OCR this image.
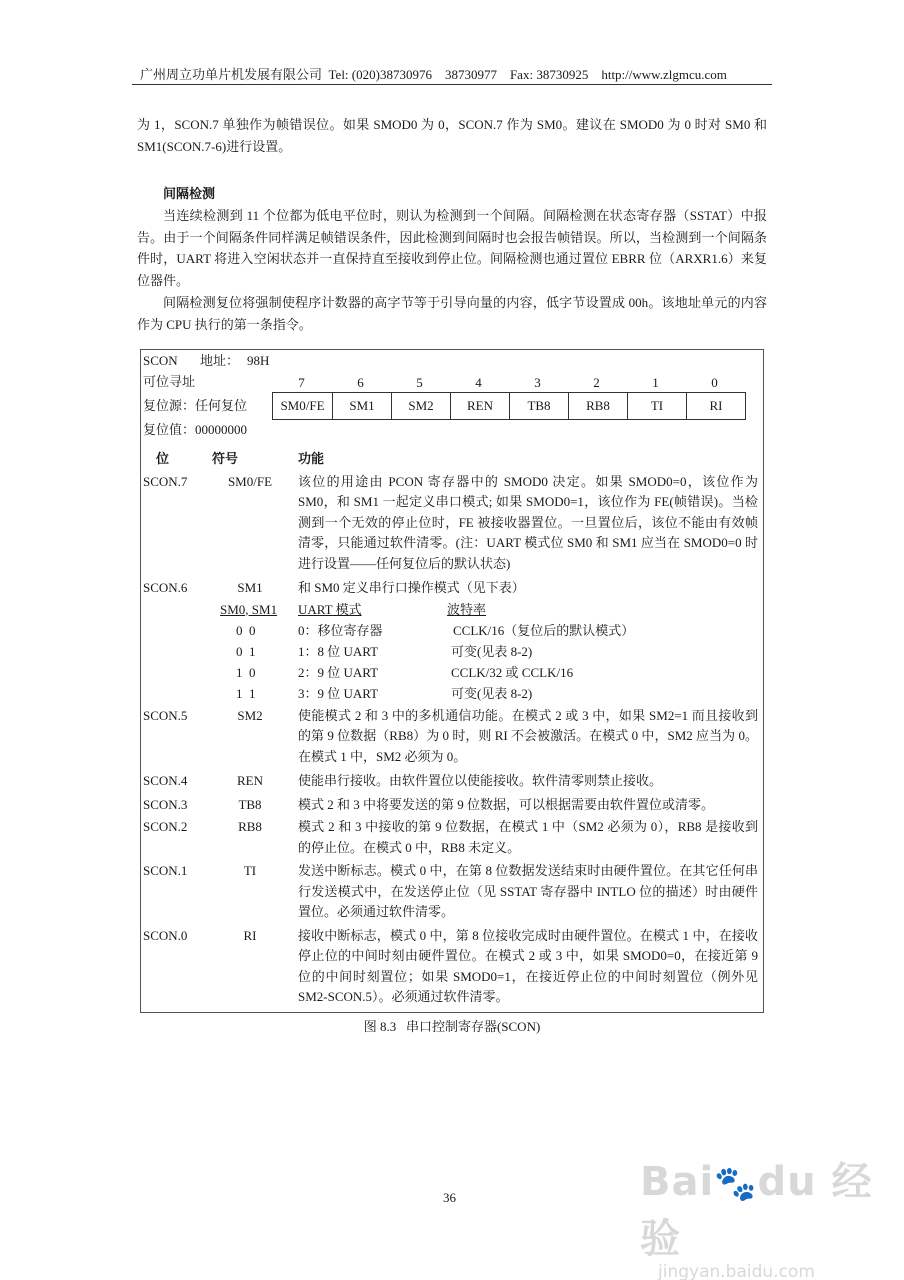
广州周立功单片机发展有限公司 Tel: (020)38730976 38730977 Fax: 38730925 http://www.zlgmcu.com

为 1，SCON.7 单独作为帧错误位。如果 SMOD0 为 0，SCON.7 作为 SM0。建议在 SMOD0 为 0 时对 SM0 和 SM1(SCON.7-6)进行设置。

间隔检测

当连续检测到 11 个位都为低电平位时，则认为检测到一个间隔。间隔检测在状态寄存器（SSTAT）中报告。由于一个间隔条件同样满足帧错误条件，因此检测到间隔时也会报告帧错误。所以，当检测到一个间隔条件时，UART 将进入空闲状态并一直保持直至接收到停止位。间隔检测也通过置位 EBRR 位（ARXR1.6）来复位器件。

间隔检测复位将强制使程序计数器的高字节等于引导向量的内容，低字节设置成 00h。该地址单元的内容作为 CPU 执行的第一条指令。

SCON 地址： 98H
可位寻址
复位源：任何复位
复位值：00000000
7	6	5	4	3	2	1	0
SM0/FE	SM1	SM2	REN	TB8	RB8	TI	RI
位	符号	功能
SCON.7	SM0/FE	该位的用途由 PCON 寄存器中的 SMOD0 决定。如果 SMOD0=0，该位作为 SM0，和 SM1 一起定义串口模式; 如果 SMOD0=1，该位作为 FE(帧错误)。当检测到一个无效的停止位时，FE 被接收器置位。一旦置位后，该位不能由有效帧清零，只能通过软件清零。(注：UART 模式位 SM0 和 SM1 应当在 SMOD0=0 时进行设置——任何复位后的默认状态)
SCON.6	SM1	和 SM0 定义串行口操作模式（见下表）
SM0, SM1	UART 模式	波特率
0  0	0：移位寄存器	CCLK/16（复位后的默认模式）
0  1	1：8 位 UART	可变(见表 8-2)
1  0	2：9 位 UART	CCLK/32 或 CCLK/16
1  1	3：9 位 UART	可变(见表 8-2)
SCON.5	SM2	使能模式 2 和 3 中的多机通信功能。在模式 2 或 3 中，如果 SM2=1 而且接收到的第 9 位数据（RB8）为 0 时，则 RI 不会被激活。在模式 0 中，SM2 应当为 0。在模式 1 中，SM2 必须为 0。
SCON.4	REN	使能串行接收。由软件置位以使能接收。软件清零则禁止接收。
SCON.3	TB8	模式 2 和 3 中将要发送的第 9 位数据，可以根据需要由软件置位或清零。
SCON.2	RB8	模式 2 和 3 中接收的第 9 位数据，在模式 1 中（SM2 必须为 0），RB8 是接收到的停止位。在模式 0 中，RB8 未定义。
SCON.1	TI	发送中断标志。模式 0 中，在第 8 位数据发送结束时由硬件置位。在其它任何串行发送模式中，在发送停止位（见 SSTAT 寄存器中 INTLO 位的描述）时由硬件置位。必须通过软件清零。
SCON.0	RI	接收中断标志，模式 0 中，第 8 位接收完成时由硬件置位。在模式 1 中，在接收停止位的中间时刻由硬件置位。在模式 2 或 3 中，如果 SMOD0=0，在接近第 9 位的中间时刻置位；如果 SMOD0=1，在接近停止位的中间时刻置位（例外见 SM2-SCON.5）。必须通过软件清零。
图 8.3   串口控制寄存器(SCON)
36	Bai🐾du 经验
jingyan.baidu.com
